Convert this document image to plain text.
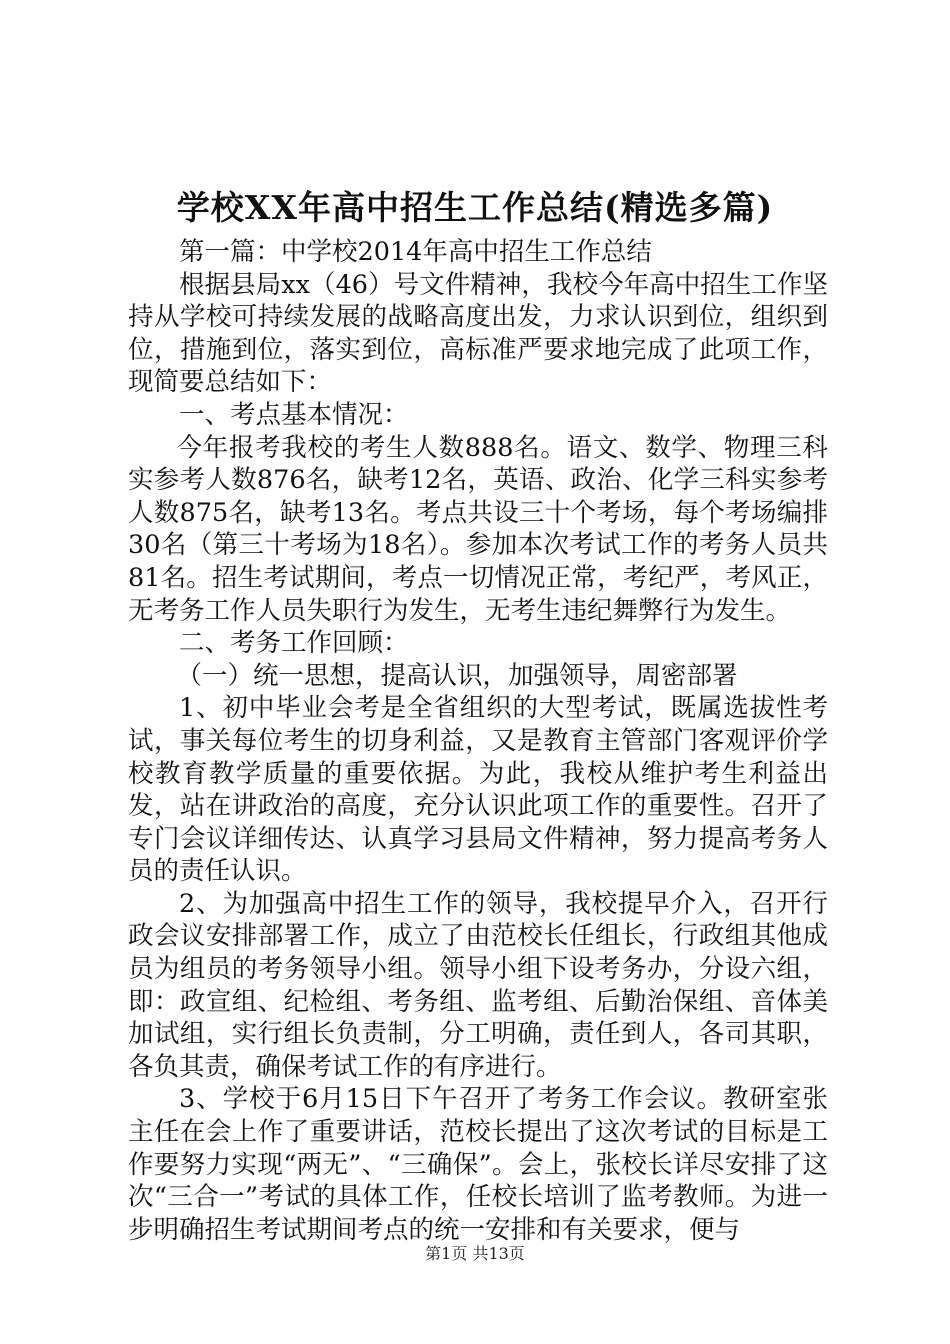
学校XX年高中招生工作总结(精选多篇)

第一篇：中学校2014年高中招生工作总结

根据县局xx（46）号文件精神，我校今年高中招生工作坚持从学校可持续发展的战略高度出发，力求认识到位，组织到位，措施到位，落实到位，高标准严要求地完成了此项工作，现简要总结如下：

一、考点基本情况：

今年报考我校的考生人数888名。语文、数学、物理三科实参考人数876名，缺考12名，英语、政治、化学三科实参考人数875名，缺考13名。考点共设三十个考场，每个考场编排30名（第三十考场为18名）。参加本次考试工作的考务人员共81名。招生考试期间，考点一切情况正常，考纪严，考风正，无考务工作人员失职行为发生，无考生违纪舞弊行为发生。

二、考务工作回顾：

（一）统一思想，提高认识，加强领导，周密部署

1、初中毕业会考是全省组织的大型考试，既属选拔性考试，事关每位考生的切身利益，又是教育主管部门客观评价学校教育教学质量的重要依据。为此，我校从维护考生利益出发，站在讲政治的高度，充分认识此项工作的重要性。召开了专门会议详细传达、认真学习县局文件精神，努力提高考务人员的责任认识。

2、为加强高中招生工作的领导，我校提早介入，召开行政会议安排部署工作，成立了由范校长任组长，行政组其他成员为组员的考务领导小组。领导小组下设考务办，分设六组，即：政宣组、纪检组、考务组、监考组、后勤治保组、音体美加试组，实行组长负责制，分工明确，责任到人，各司其职，各负其责，确保考试工作的有序进行。

3、学校于6月15日下午召开了考务工作会议。教研室张主任在会上作了重要讲话，范校长提出了这次考试的目标是工作要努力实现“两无”、“三确保”。会上，张校长详尽安排了这次“三合一”考试的具体工作，任校长培训了监考教师。为进一步明确招生考试期间考点的统一安排和有关要求，便与

第1页 共13页
